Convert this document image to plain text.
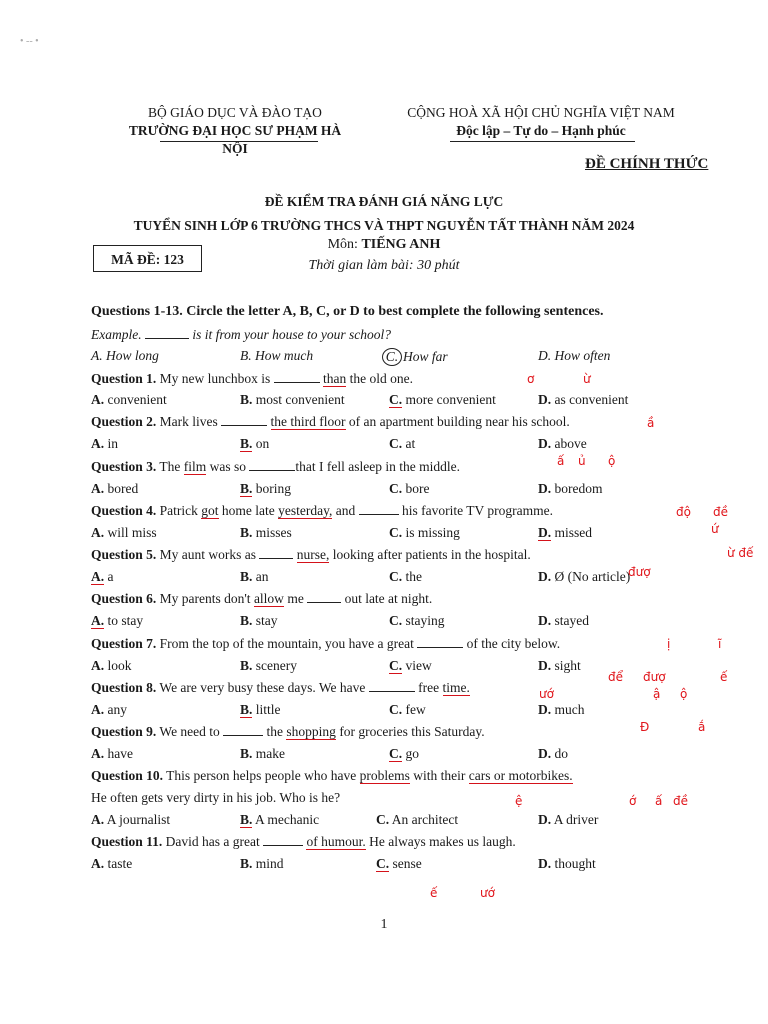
• ‑‑ •
BỘ GIÁO DỤC VÀ ĐÀO TẠO
TRƯỜNG ĐẠI HỌC SƯ PHẠM HÀ NỘI
CỘNG HOÀ XÃ HỘI CHỦ NGHĨA VIỆT NAM
Độc lập – Tự do – Hạnh phúc
ĐỀ CHÍNH THỨC
ĐỀ KIỂM TRA ĐÁNH GIÁ NĂNG LỰC
TUYỂN SINH LỚP 6 TRƯỜNG THCS VÀ THPT NGUYỄN TẤT THÀNH NĂM 2024
MÃ ĐỀ: 123
Môn: TIẾNG ANH
Thời gian làm bài: 30 phút
Questions 1-13. Circle the letter A, B, C, or D to best complete the following sentences.
Example.	is it from your house to your school?
A. How long	B. How much	C. How far	D. How often
Question 1. My new lunchbox is	than the old one.
A. convenient	B. most convenient	C. more convenient	D. as convenient
Question 2. Mark lives	the third floor of an apartment building near his school.
A. in	B. on	C. at	D. above
Question 3. The film was so	that I fell asleep in the middle.
A. bored	B. boring	C. bore	D. boredom
Question 4. Patrick got home late yesterday, and	his favorite TV programme.
A. will miss	B. misses	C. is missing	D. missed
Question 5. My aunt works as	nurse, looking after patients in the hospital.
A. a	B. an	C. the	D. Ø (No article)
Question 6. My parents don't allow me	out late at night.
A. to stay	B. stay	C. staying	D. stayed
Question 7. From the top of the mountain, you have a great	of the city below.
A. look	B. scenery	C. view	D. sight
Question 8. We are very busy these days. We have	free time.
A. any	B. little	C. few	D. much
Question 9. We need to	the shopping for groceries this Saturday.
A. have	B. make	C. go	D. do
Question 10. This person helps people who have problems with their cars or motorbikes.
He often gets very dirty in his job. Who is he?
A. A journalist	B. A mechanic	C. An architect	D. A driver
Question 11. David has a great	of humour. He always makes us laugh.
A. taste	B. mind	C. sense	D. thought
ơ	ừ
ầ
ấ ủ ộ
độ đề
ứ
ừ đế
đượ
ị	ĩ
để đượ	ế
ướ	ậ ộ
Đ	ắ
ệ	ớ ấ đề
ế	ướ
1
